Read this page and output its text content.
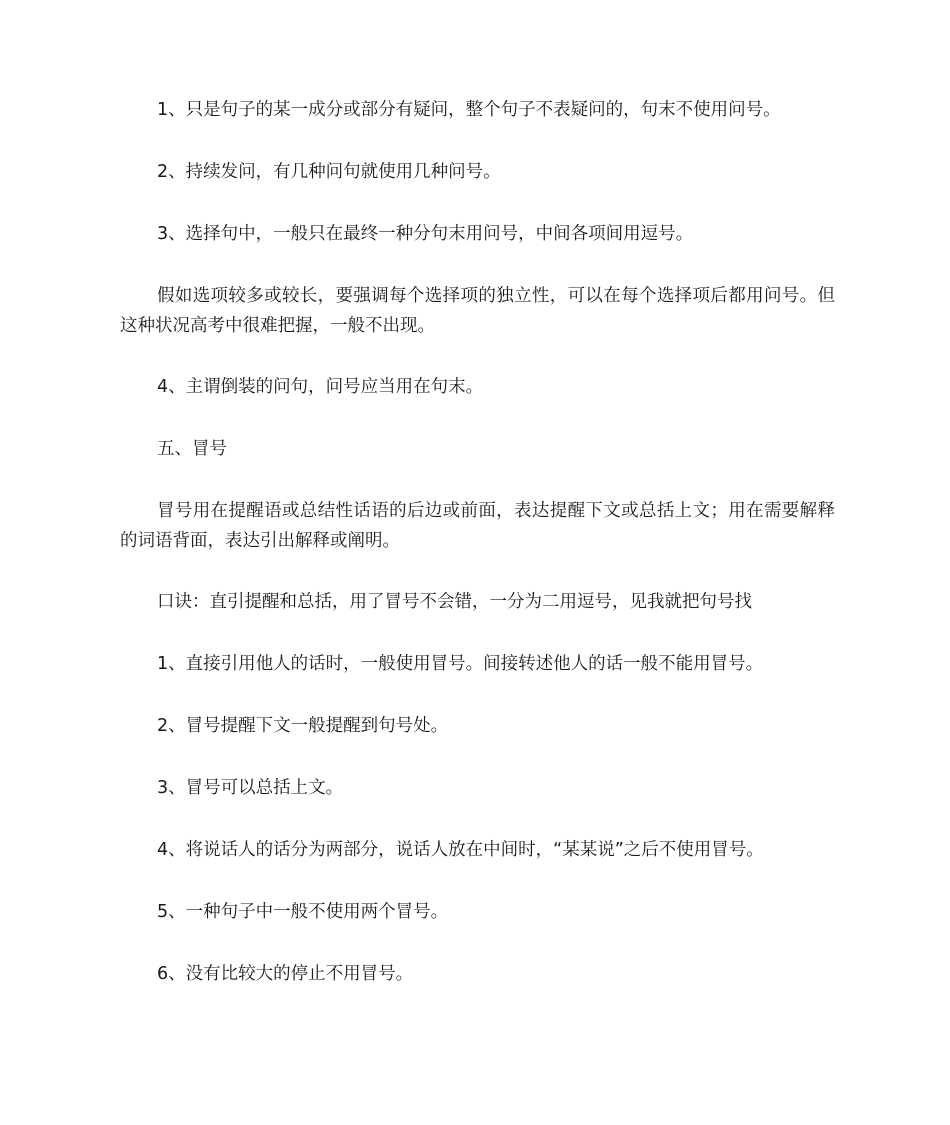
1、只是句子的某一成分或部分有疑问，整个句子不表疑问的，句末不使用问号。

2、持续发问，有几种问句就使用几种问号。

3、选择句中，一般只在最终一种分句末用问号，中间各项间用逗号。

假如选项较多或较长，要强调每个选择项的独立性，可以在每个选择项后都用问号。但这种状况高考中很难把握，一般不出现。

4、主谓倒装的问句，问号应当用在句末。

五、冒号

冒号用在提醒语或总结性话语的后边或前面，表达提醒下文或总括上文；用在需要解释的词语背面，表达引出解释或阐明。

口诀：直引提醒和总括，用了冒号不会错，一分为二用逗号，见我就把句号找

1、直接引用他人的话时，一般使用冒号。间接转述他人的话一般不能用冒号。

2、冒号提醒下文一般提醒到句号处。

3、冒号可以总括上文。

4、将说话人的话分为两部分，说话人放在中间时，“某某说”之后不使用冒号。

5、一种句子中一般不使用两个冒号。

6、没有比较大的停止不用冒号。
